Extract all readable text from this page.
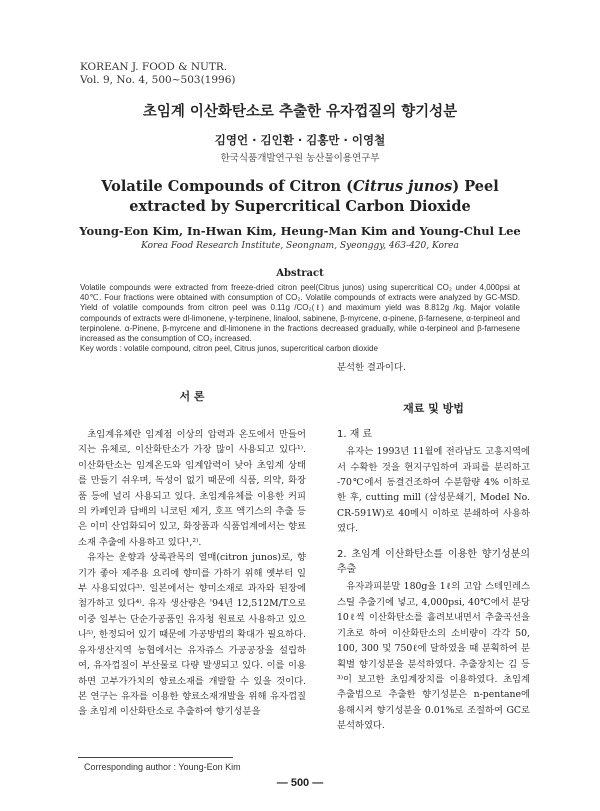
KOREAN J. FOOD & NUTR.
Vol. 9, No. 4, 500~503(1996)
초임계 이산화탄소로 추출한 유자껍질의 향기성분
김영언 · 김인환 · 김홍만 · 이영철
한국식품개발연구원 농산물이용연구부
Volatile Compounds of Citron (Citrus junos) Peel
extracted by Supercritical Carbon Dioxide
Young-Eon Kim, In-Hwan Kim, Heung-Man Kim and Young-Chul Lee
Korea Food Research Institute, Seongnam, Syeonggy, 463-420, Korea
Abstract

Volatile compounds were extracted from freeze-dried citron peel(Citrus junos) using supercritical CO₂ under 4,000psi at 40℃. Four fractions were obtained with consumption of CO₂. Volatile compounds of extracts were analyzed by GC-MSD. Yield of volatile compounds from citron peel was 0.11g /CO₂(ℓ) and maximum yield was 8.812g /kg. Major volatile compounds of extracts were dl-limonene, γ-terpinene, linalool, sabinene, β-myrcene, α-pinene, β-farnesene, α-terpineol and terpinolene. α-Pinene, β-myrcene and dl-limonene in the fractions decreased gradually, while α-terpineol and β-farnesene increased as the consumption of CO₂ increased.

Key words : volatile compound, citron peel, Citrus junos, supercritical carbon dioxide

서 론

초임계유체란 임계점 이상의 압력과 온도에서 만들어지는 유체로, 이산화탄소가 가장 많이 사용되고 있다¹⁾. 이산화탄소는 임계온도와 임계압력이 낮아 초임계 상태를 만들기 쉬우며, 독성이 없기 때문에 식품, 의약, 화장품 등에 널리 사용되고 있다. 초임계유체를 이용한 커피의 카페인과 담배의 니코틴 제거, 호프 엑기스의 추출 등은 이미 산업화되어 있고, 화장품과 식품업계에서는 향료소재 추출에 사용하고 있다¹,²⁾.

유자는 운향과 상록관목의 열매(citron junos)로, 향기가 좋아 제주용 요리에 향미를 가하기 위해 옛부터 일부 사용되었다³⁾. 일본에서는 향미소재로 과자와 된장에 첨가하고 있다⁴⁾. 유자 생산량은 '94년 12,512M/T으로 이중 일부는 단순가공품인 유자청 원료로 사용하고 있으나⁵⁾, 한정되어 있기 때문에 가공방법의 확대가 필요하다. 유자생산지역 농협에서는 유자쥬스 가공공장을 설립하여, 유자껍질이 부산물로 다량 발생되고 있다. 이를 이용하면 고부가가치의 향료소재를 개발할 수 있을 것이다. 본 연구는 유자를 이용한 향료소재개발을 위해 유자껍질을 초임계 이산화탄소로 추출하여 향기성분을

분석한 결과이다.

재료 및 방법
1. 재 료

유자는 1993년 11월에 전라남도 고흥지역에서 수확한 것을 현지구입하여 과피를 분리하고 -70℃에서 동결건조하여 수분함량 4% 이하로 한 후, cutting mill (삼성문쇄기, Model No. CR-591W)로 40메시 이하로 분쇄하여 사용하였다.

2. 초임계 이산화탄소를 이용한 향기성분의 추출

유자과피분말 180g을 1ℓ의 고압 스테인레스스틸 추출기에 넣고, 4,000psi, 40℃에서 분당 10ℓ씩 이산화탄소를 흘려보내면서 추출곡선을 기초로 하여 이산화탄소의 소비량이 각각 50, 100, 300 및 750ℓ에 달하였을 때 분획하여 분획별 향기성분을 분석하였다. 추출장치는 김 등³⁾이 보고한 초임계장치를 이용하였다. 초임계 추출법으로 추출한 향기성분은 n-pentane에 용해시켜 향기성분을 0.01%로 조절하여 GC로 분석하였다.

Corresponding author : Young-Eon Kim
— 500 —
